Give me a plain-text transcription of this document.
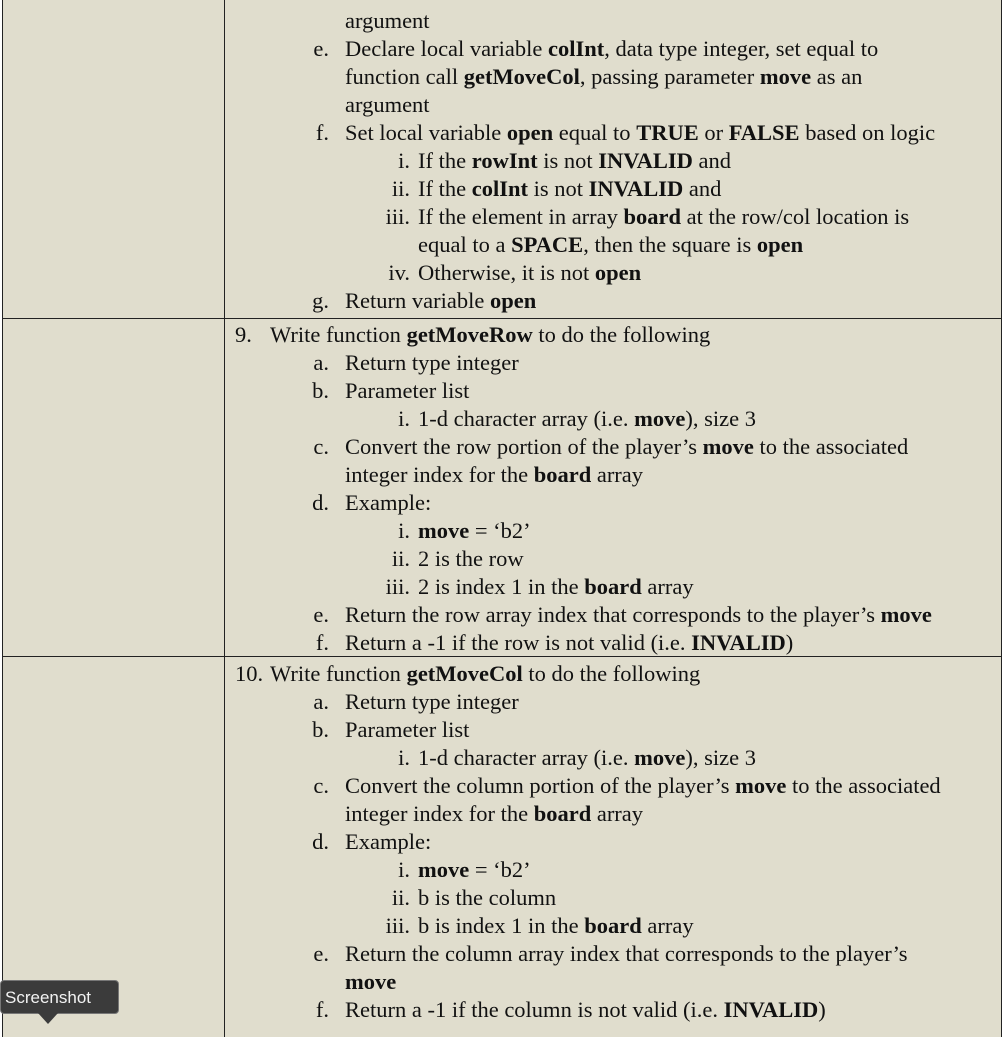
argument
e. Declare local variable colInt, data type integer, set equal to
function call getMoveCol, passing parameter move as an
argument
f. Set local variable open equal to TRUE or FALSE based on logic
i. If the rowInt is not INVALID and
ii. If the colInt is not INVALID and
iii. If the element in array board at the row/col location is
equal to a SPACE, then the square is open
iv. Otherwise, it is not open
g. Return variable open
9. Write function getMoveRow to do the following
a. Return type integer
b. Parameter list
i. 1-d character array (i.e. move), size 3
c. Convert the row portion of the player’s move to the associated
integer index for the board array
d. Example:
i. move = ‘b2’
ii. 2 is the row
iii. 2 is index 1 in the board array
e. Return the row array index that corresponds to the player’s move
f. Return a -1 if the row is not valid (i.e. INVALID)
10. Write function getMoveCol to do the following
a. Return type integer
b. Parameter list
i. 1-d character array (i.e. move), size 3
c. Convert the column portion of the player’s move to the associated
integer index for the board array
d. Example:
i. move = ‘b2’
ii. b is the column
iii. b is index 1 in the board array
e. Return the column array index that corresponds to the player’s
move
f. Return a -1 if the column is not valid (i.e. INVALID)
Screenshot
